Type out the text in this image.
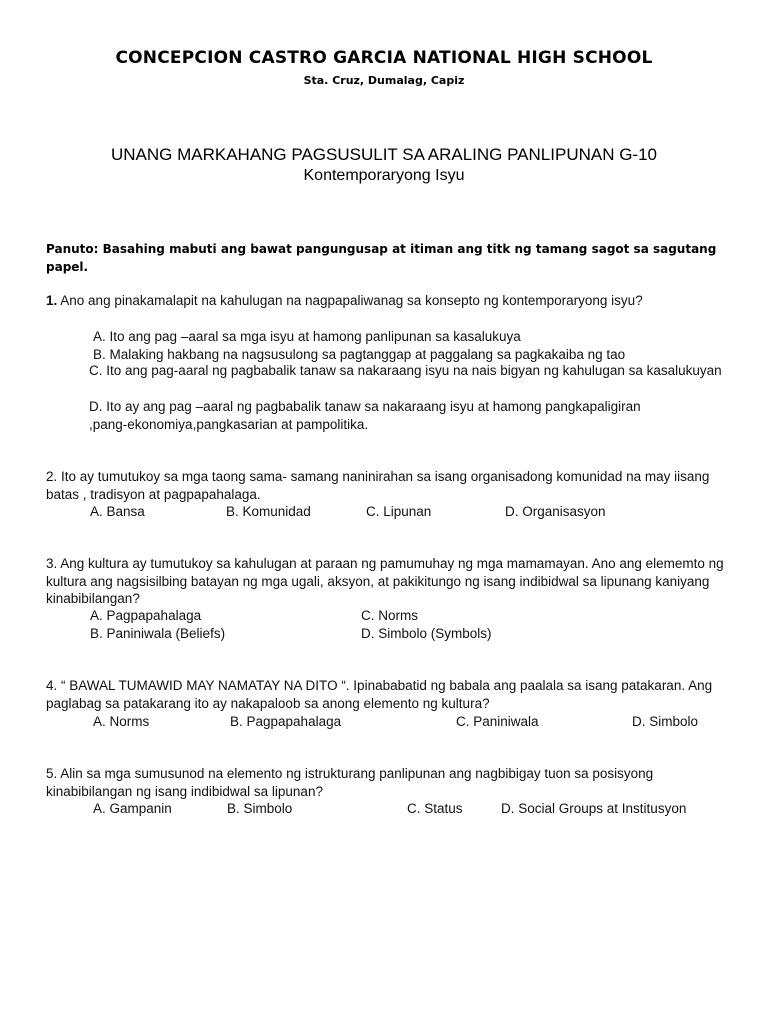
CONCEPCION CASTRO GARCIA NATIONAL HIGH SCHOOL
Sta. Cruz, Dumalag, Capiz
UNANG MARKAHANG PAGSUSULIT SA ARALING PANLIPUNAN G-10
Kontemporaryong Isyu
Panuto: Basahing mabuti ang bawat pangungusap at itiman ang titk ng tamang sagot sa sagutang papel.
1. Ano ang pinakamalapit na kahulugan na nagpapaliwanag sa konsepto ng kontemporaryong isyu?
A. Ito ang pag –aaral sa mga isyu at hamong panlipunan sa kasalukuya
B. Malaking hakbang na nagsusulong sa pagtanggap at paggalang sa pagkakaiba ng tao
C. Ito ang pag-aaral ng pagbabalik tanaw sa nakaraang isyu na nais bigyan ng kahulugan sa kasalukuyan
D. Ito ay ang pag –aaral ng pagbabalik tanaw sa nakaraang isyu at hamong pangkapaligiran ,pang-ekonomiya,pangkasarian at pampolitika.
2. Ito ay tumutukoy sa mga taong sama- samang naninirahan sa isang organisadong komunidad na may iisang batas , tradisyon at pagpapahalaga.
A. Bansa	B. Komunidad	C. Lipunan	D. Organisasyon
3. Ang kultura ay tumutukoy sa kahulugan at paraan ng pamumuhay ng mga mamamayan. Ano ang elememto ng kultura ang nagsisilbing batayan ng mga ugali, aksyon, at pakikitungo ng isang indibidwal sa lipunang kaniyang kinabibilangan?
A. Pagpapahalaga	C. Norms
B. Paniniwala (Beliefs)	D. Simbolo (Symbols)
4. “ BAWAL TUMAWID MAY NAMATAY NA DITO “. Ipinababatid ng babala ang paalala sa isang patakaran. Ang paglabag sa patakarang ito ay nakapaloob sa anong elemento ng kultura?
A. Norms	B. Pagpapahalaga	C. Paniniwala	D. Simbolo
5. Alin sa mga sumusunod na elemento ng istrukturang panlipunan ang nagbibigay tuon sa posisyong kinabibilangan ng isang indibidwal sa lipunan?
A. Gampanin	B. Simbolo	C. Status	D. Social Groups at Institusyon
